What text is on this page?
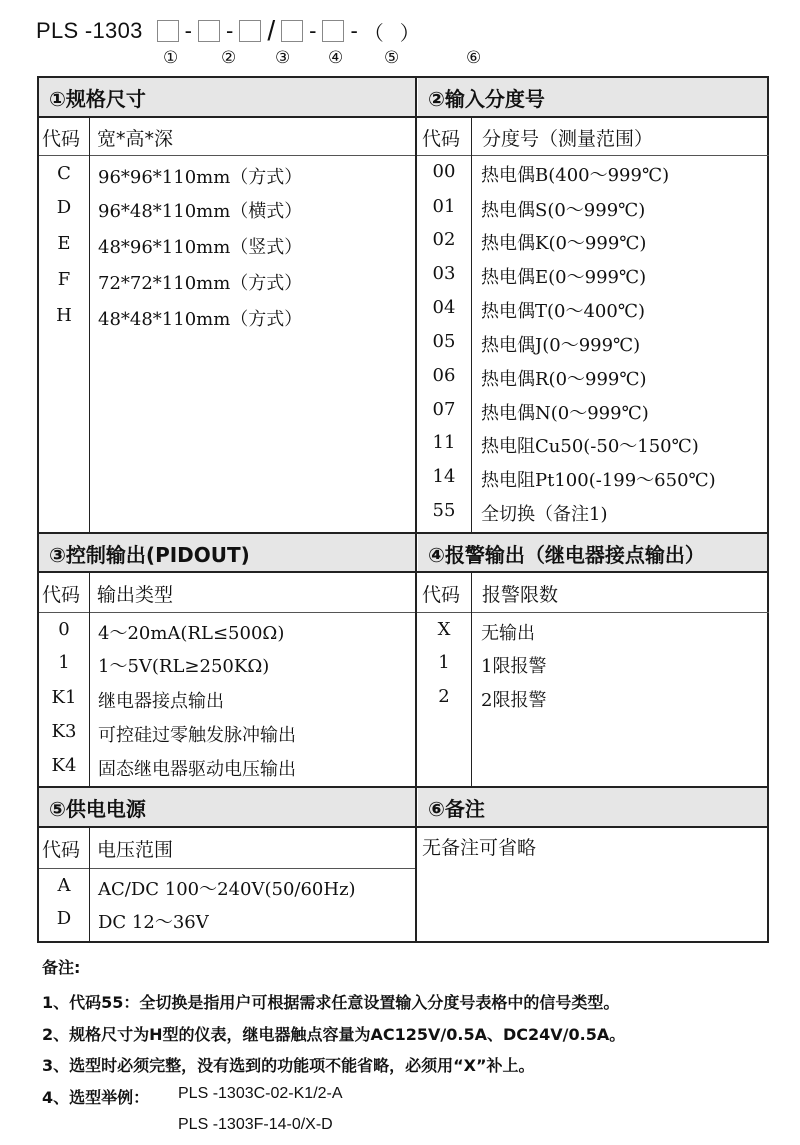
PLS -1303 - - / - - （ ）
①	② ③ ④ ⑤	⑥
①规格尺寸	②输入分度号
③控制输出(PIDOUT)	④报警输出（继电器接点输出）
⑤供电电源	⑥备注
代码 宽*高*深	代码 分度号（测量范围）
代码 输出类型	代码 报警限数
代码 电压范围
C	96*96*110mm（方式）
D	96*48*110mm（横式）
E	48*96*110mm（竖式）
F	72*72*110mm（方式）
H	48*48*110mm（方式）
00	热电偶B(400～999℃)
01	热电偶S(0～999℃)
02	热电偶K(0～999℃)
03	热电偶E(0～999℃)
04	热电偶T(0～400℃)
05	热电偶J(0～999℃)
06	热电偶R(0～999℃)
07	热电偶N(0～999℃)
11	热电阻Cu50(-50～150℃)
14	热电阻Pt100(-199～650℃)
55	全切换（备注1)
0	4～20mA(RL≤500Ω)
1	1～5V(RL≥250KΩ)
K1	继电器接点输出
K3	可控硅过零触发脉冲输出
K4	固态继电器驱动电压输出
X	无输出
1	1限报警
2	2限报警
A	AC/DC 100～240V(50/60Hz)
D	DC 12～36V
无备注可省略
备注:
1、代码55：全切换是指用户可根据需求任意设置输入分度号表格中的信号类型。
2、规格尺寸为H型的仪表，继电器触点容量为AC125V/0.5A、DC24V/0.5A。
3、选型时必须完整，没有选到的功能项不能省略，必须用“X”补上。
4、选型举例： PLS -1303C-02-K1/2-A
PLS -1303F-14-0/X-D
